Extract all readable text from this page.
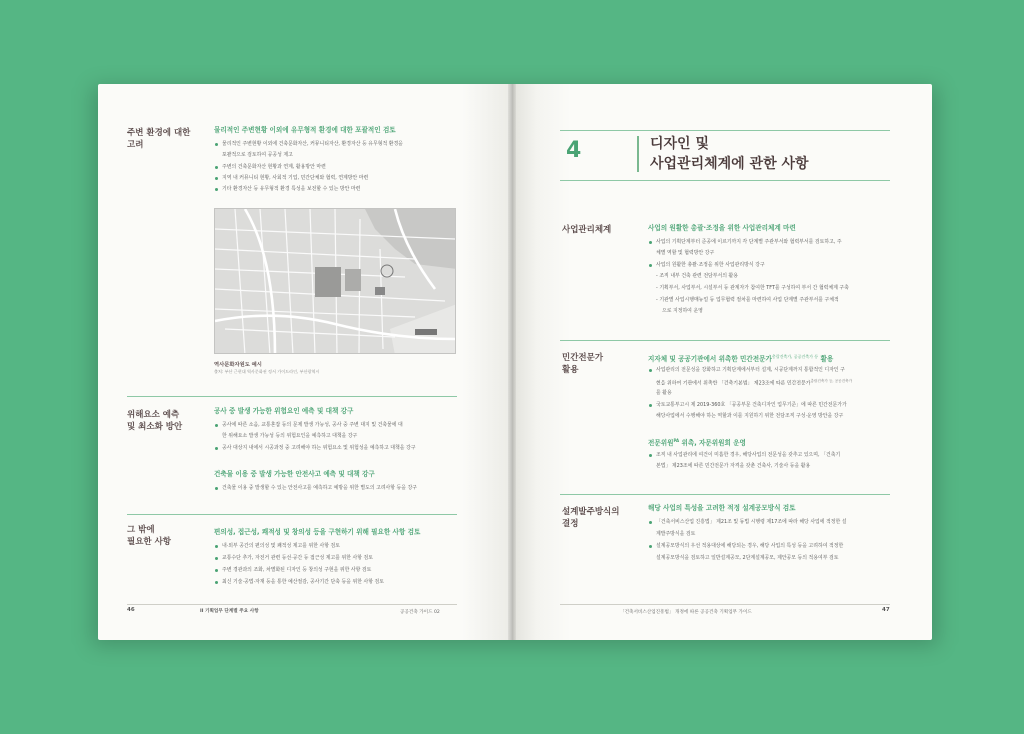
주변 환경에 대한
고려
물리적인 주변현황 이외에 유무형적 환경에 대한 포괄적인 검토
물리적인 주변현황 이외에 건축문화자산, 커뮤니티자산, 환경자산 등 유무형적 환경을
포괄적으로 검토하여 공공성 제고
주변의 건축문화자산 현황과 연계, 활용방안 마련
지역 내 커뮤니티 현황, 사회적 기업, 민간단체와 협력, 연계방안 마련
기타 환경자산 등 유무형적 환경 특성을 보전할 수 있는 방안 마련
역사문화자원도 예시
출처: 부산 근현대 역사문화권 정서 가이드라인, 부산광역시
위해요소 예측
및 최소화 방안
공사 중 발생 가능한 위험요인 예측 및 대책 강구
공사에 따른 소음, 교통혼잡 등의 문제 발생 가능성, 공사 중 주변 대지 및 건축물에 대
한 위해요소 발생 가능성 등의 위험요인을 예측하고 대책을 강구
공사 대상지 내에서 시공과정 중 고려해야 하는 위험요소 및 위험성을 예측하고 대책을 강구
건축물 이용 중 발생 가능한 안전사고 예측 및 대책 강구
건축물 이용 중 발생할 수 있는 안전사고를 예측하고 예방을 위한 별도의 고려사항 등을 강구
그 밖에
필요한 사항
편의성, 접근성, 쾌적성 및 창의성 등을 구현하기 위해 필요한 사항 검토
내·외부 공간의 편의성 및 쾌적성 제고를 위한 사항 검토
교통수단 추가, 자전거 관련 등선·공간 등 접근성 제고를 위한 사항 검토
주변 경관과의 조화, 차별화된 디자인 등 창의성 구현을 위한 사항 검토
최신 기술·공법·자재 등을 통한 예산절감, 공사기간 단축 등을 위한 사항 검토
46	II 기획업무 단계별 주요 사항	공공건축 가이드 02
4	디자인 및
사업관리체계에 관한 사항
사업관리체계	사업의 원활한 총괄·조정을 위한 사업관리체계 마련
사업의 기획단계부터 준공에 이르기까지 각 단계별 주관부서와 협력부서를 검토하고, 주
체별 역할 및 협력방안 강구
사업의 원활한 총괄·조정을 위한 사업관리방식 강구
- 조직 내부 건축 관련 전담부서의 활용
- 기획부서, 사업부서, 시설부서 등 관계자가 참여한 TFT를 구성하여 부서 간 협력체계 구축
- 기관별 사업시행매뉴얼 등 업무협력 절차를 마련하여 사업 단계별 주관부서를 구체적
으로 지정하여 운영
민간전문가
활용
지자체 및 공공기관에서 위촉한 민간전문가$^{총괄건축가, 공공건축가 등}$ 활용
사업관리의 전문성을 강화하고 기획단계에서부터 설계, 시공단계까지 통합적인 디자인 구
현을 위하여 기관에서 위촉한 「건축기본법」 제23조에 따른 민간전문가$^{총괄건축가 등, 공공건축가}$
를 활용
국토교통부고시 제 2019-360호 「공공부문 건축디자인 업무기준」에 따른 민간전문가가
해당사업에서 수행해야 하는 역할과 이를 지원하기 위한 전담조직 구성·운영 방안을 강구
전문위원$^{PA}$ 위촉, 자문위원회 운영
조직 내 사업관리에 여건이 미흡한 경우, 해당사업의 전문성을 갖추고 있으며, 「건축기
본법」 제23조에 따른 민간전문가 자격을 갖춘 건축사, 기술사 등을 활용
설계발주방식의
결정
해당 사업의 특성을 고려한 적정 설계공모방식 검토
「건축서비스산업 진흥법」 제21조 및 동법 시행령 제17조에 따라 해당 사업에 적정한 설
계발주방식을 검토
설계공모방식의 우선 적용대상에 해당되는 경우, 해당 사업의 특성 등을 고려하여 적정한
설계공모방식을 검토하고 일반설계공모, 2단계설계공모, 제안공모 등의 적용여부 검토
「건축서비스산업진흥법」 개정에 따른 공공건축 기획업무 가이드	47
